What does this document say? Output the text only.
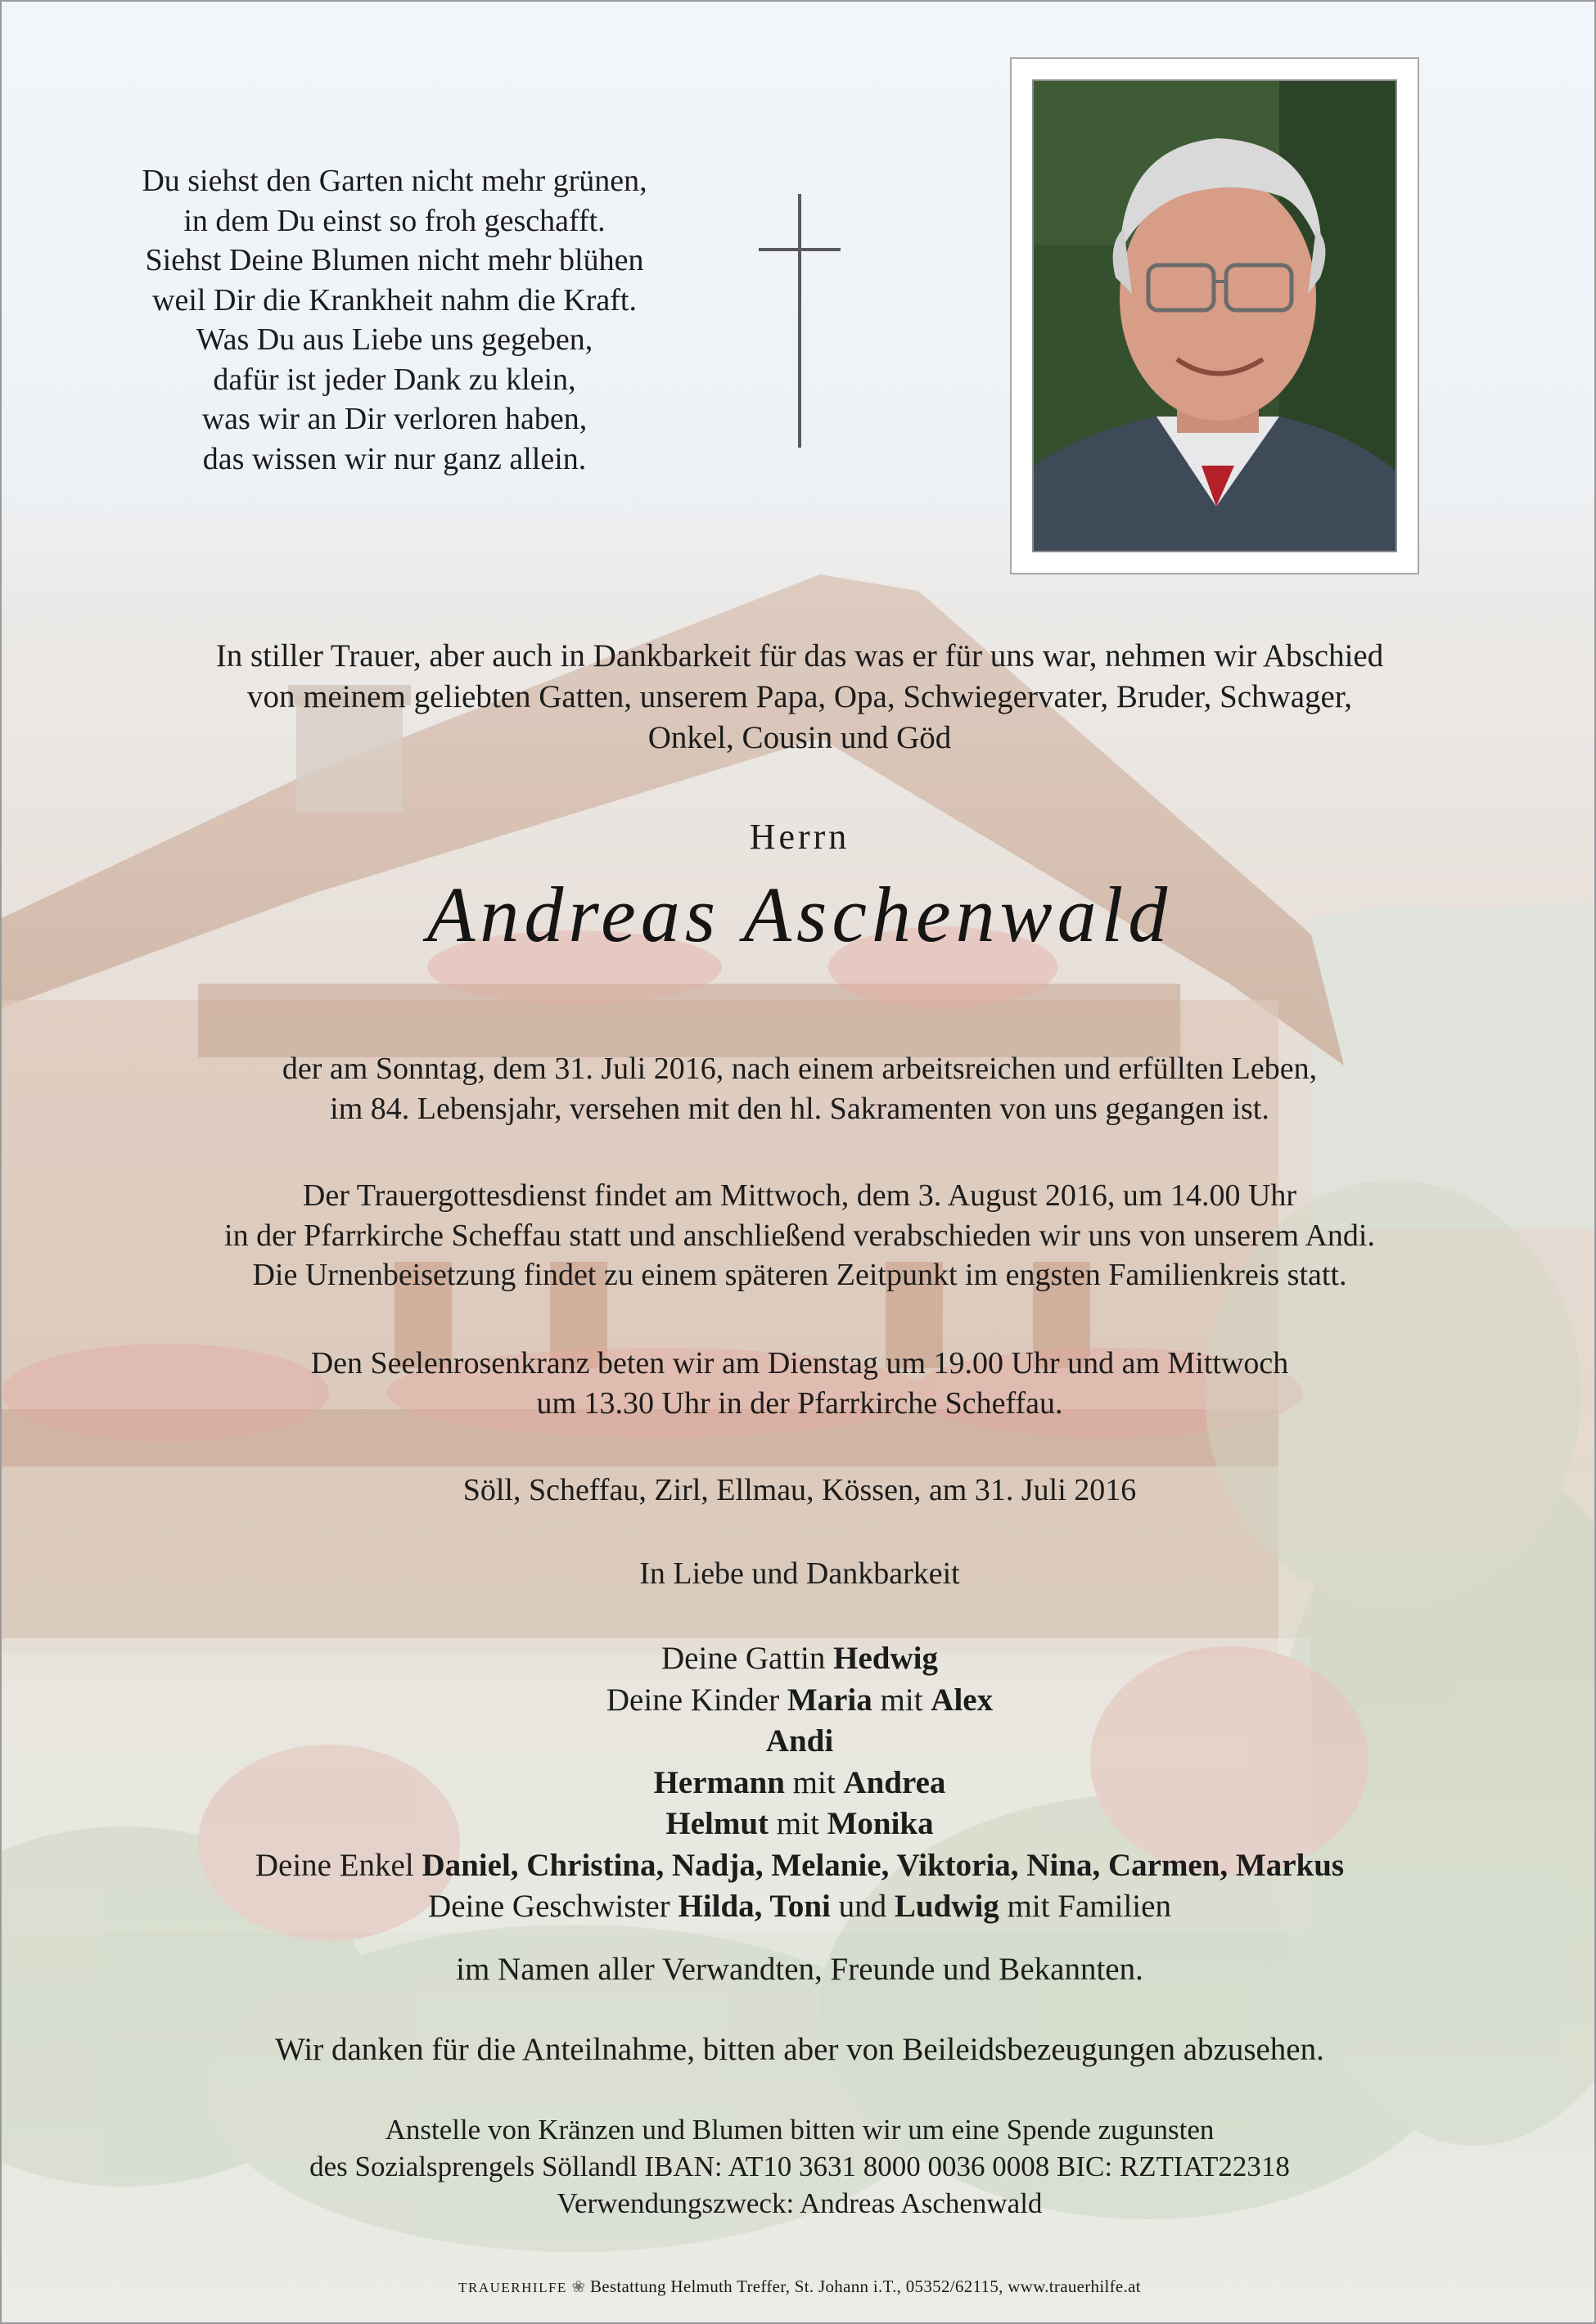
Du siehst den Garten nicht mehr grünen,
in dem Du einst so froh geschafft.
Siehst Deine Blumen nicht mehr blühen
weil Dir die Krankheit nahm die Kraft.
Was Du aus Liebe uns gegeben,
dafür ist jeder Dank zu klein,
was wir an Dir verloren haben,
das wissen wir nur ganz allein.
In stiller Trauer, aber auch in Dankbarkeit für das was er für uns war, nehmen wir Abschied
von meinem geliebten Gatten, unserem Papa, Opa, Schwiegervater, Bruder, Schwager,
Onkel, Cousin und Göd
Herrn
Andreas Aschenwald
der am Sonntag, dem 31. Juli 2016, nach einem arbeitsreichen und erfüllten Leben,
im 84. Lebensjahr, versehen mit den hl. Sakramenten von uns gegangen ist.
Der Trauergottesdienst findet am Mittwoch, dem 3. August 2016, um 14.00 Uhr
in der Pfarrkirche Scheffau statt und anschließend verabschieden wir uns von unserem Andi.
Die Urnenbeisetzung findet zu einem späteren Zeitpunkt im engsten Familienkreis statt.
Den Seelenrosenkranz beten wir am Dienstag um 19.00 Uhr und am Mittwoch
um 13.30 Uhr in der Pfarrkirche Scheffau.
Söll, Scheffau, Zirl, Ellmau, Kössen, am 31. Juli 2016
In Liebe und Dankbarkeit
Deine Gattin Hedwig
Deine Kinder Maria mit Alex
Andi
Hermann mit Andrea
Helmut mit Monika
Deine Enkel Daniel, Christina, Nadja, Melanie, Viktoria, Nina, Carmen, Markus
Deine Geschwister Hilda, Toni und Ludwig mit Familien
im Namen aller Verwandten, Freunde und Bekannten.
Wir danken für die Anteilnahme, bitten aber von Beileidsbezeugungen abzusehen.
Anstelle von Kränzen und Blumen bitten wir um eine Spende zugunsten
des Sozialsprengels Söllandl IBAN: AT10 3631 8000 0036 0008 BIC: RZTIAT22318
Verwendungszweck: Andreas Aschenwald
TRAUERHILFE ❀ Bestattung Helmuth Treffer, St. Johann i.T., 05352/62115, www.trauerhilfe.at
